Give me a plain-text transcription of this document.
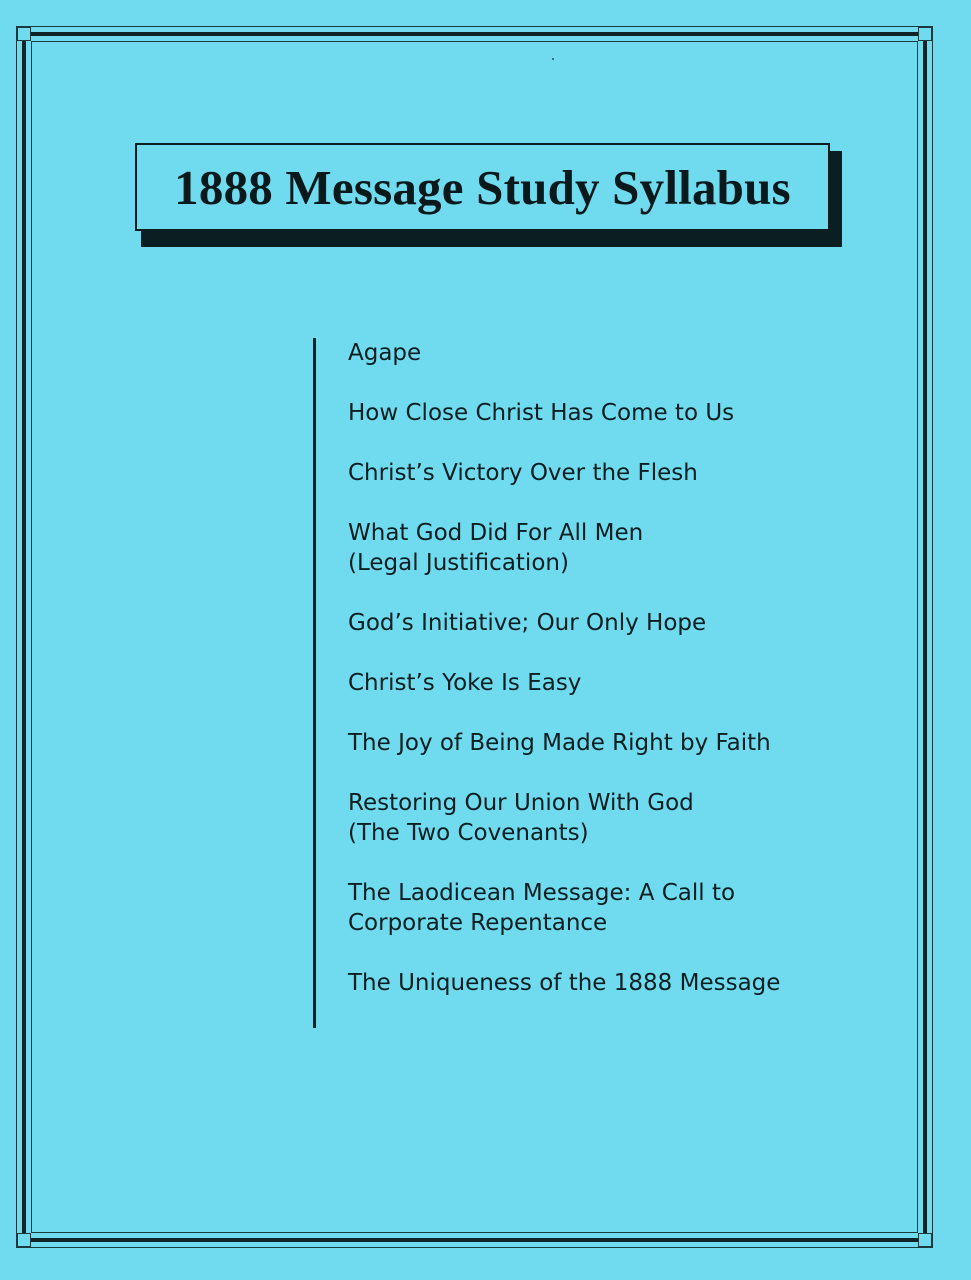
1888 Message Study Syllabus
Agape
How Close Christ Has Come to Us
Christ’s Victory Over the Flesh
What God Did For All Men
(Legal Justification)
God’s Initiative; Our Only Hope
Christ’s Yoke Is Easy
The Joy of Being Made Right by Faith
Restoring Our Union With God
(The Two Covenants)
The Laodicean Message: A Call to
Corporate Repentance
The Uniqueness of the 1888 Message
